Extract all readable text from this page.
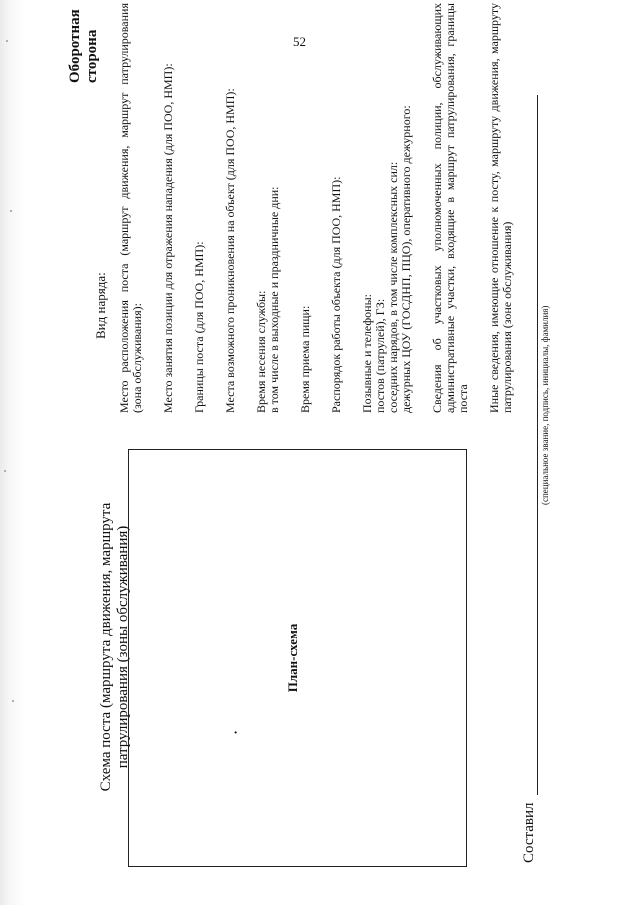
52
Схема поста (маршрута движения, маршрута патрулирования (зоны обслуживания)	•
План-схема
Составил
(специальное звание, подпись, инициалы, фамилия)
Оборотная сторона
Вид наряда: Место расположения поста (маршрут движения, маршрут патрулирования (зона обслуживания): Место занятия позиции для отражения нападения (для ПОО, НМП): Границы поста (для ПОО, НМП): Места возможного проникновения на объект (для ПОО, НМП): Время несения службы: в том числе в выходные и праздничные дни: Время приема пищи: Распорядок работы объекта (для ПОО, НМП): Позывные и телефоны: постов (патрулей), ГЗ: соседних нарядов, в том числе комплексных сил: дежурных ЦОУ (ГОСДНП, ПЦО), оперативного дежурного: Сведения об участковых уполномоченных полиции, обслуживающих административные участки, входящие в маршрут патрулирования, границы поста Иные сведения, имеющие отношение к посту, маршруту движения, маршруту патрулирования (зоне обслуживания)
